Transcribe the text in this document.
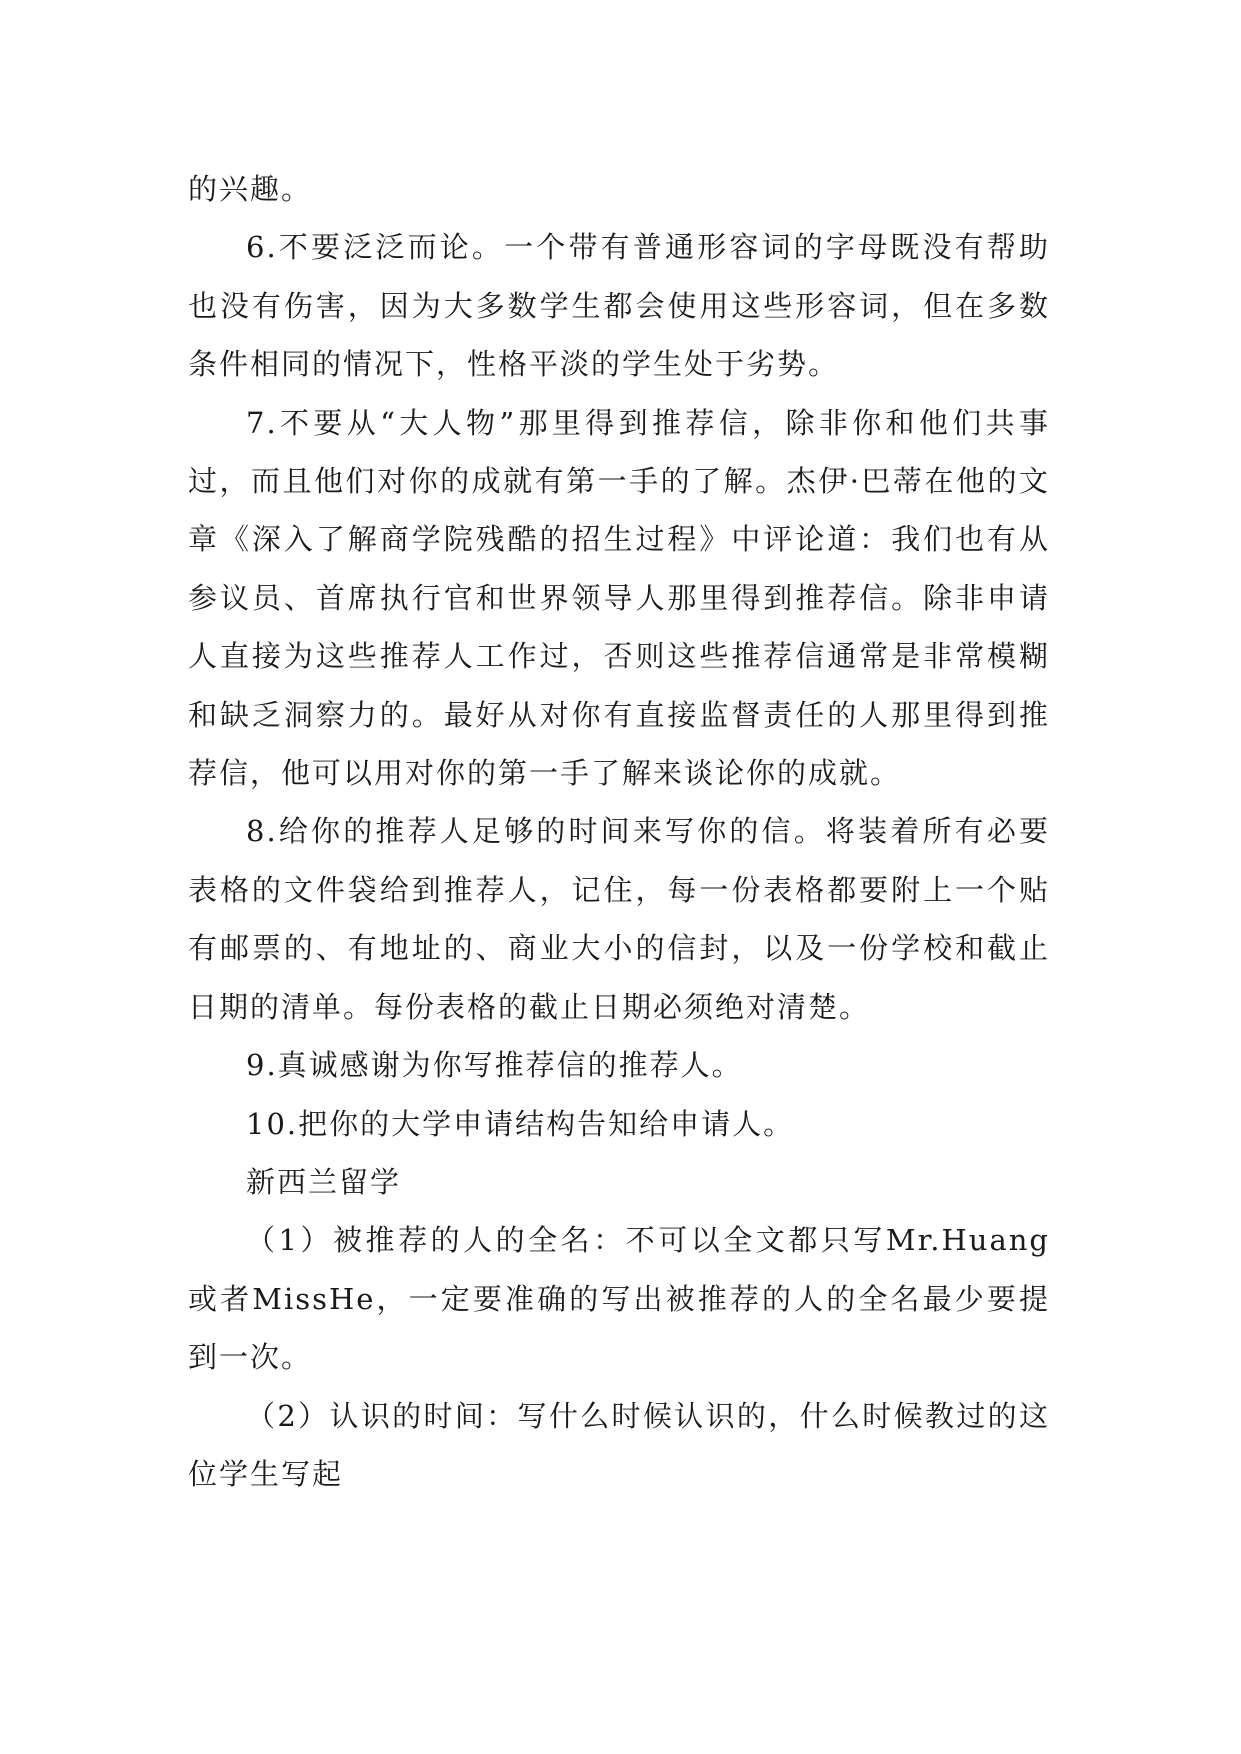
的兴趣。

6.不要泛泛而论。一个带有普通形容词的字母既没有帮助也没有伤害，因为大多数学生都会使用这些形容词，但在多数条件相同的情况下，性格平淡的学生处于劣势。

7.不要从“大人物”那里得到推荐信，除非你和他们共事过，而且他们对你的成就有第一手的了解。杰伊·巴蒂在他的文章《深入了解商学院残酷的招生过程》中评论道：我们也有从参议员、首席执行官和世界领导人那里得到推荐信。除非申请人直接为这些推荐人工作过，否则这些推荐信通常是非常模糊和缺乏洞察力的。最好从对你有直接监督责任的人那里得到推荐信，他可以用对你的第一手了解来谈论你的成就。

8.给你的推荐人足够的时间来写你的信。将装着所有必要表格的文件袋给到推荐人，记住，每一份表格都要附上一个贴有邮票的、有地址的、商业大小的信封，以及一份学校和截止日期的清单。每份表格的截止日期必须绝对清楚。

9.真诚感谢为你写推荐信的推荐人。

10.把你的大学申请结构告知给申请人。

新西兰留学

（1）被推荐的人的全名：不可以全文都只写Mr.Huang或者MissHe，一定要准确的写出被推荐的人的全名最少要提到一次。

（2）认识的时间：写什么时候认识的，什么时候教过的这位学生写起
